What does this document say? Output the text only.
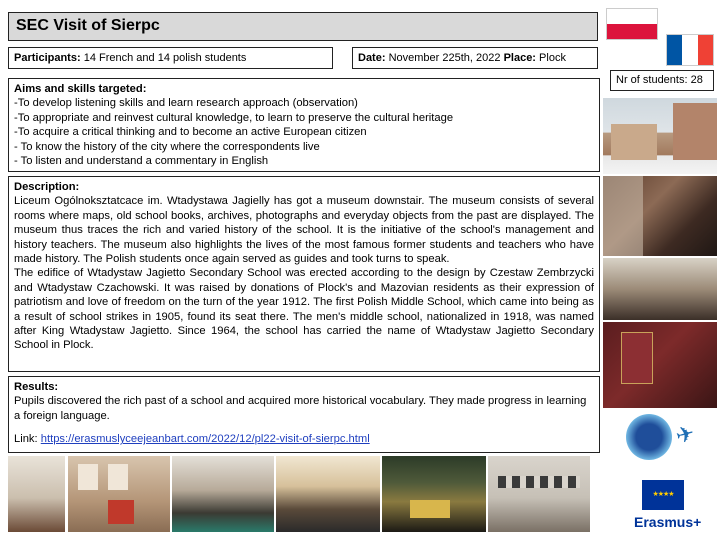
SEC Visit of Sierpc
Participants: 14 French and 14 polish students	Date: November 225th, 2022 Place: Plock
Nr of students: 28
Aims and skills targeted:
-To develop listening skills and learn research approach (observation)
-To appropriate and reinvest cultural knowledge, to learn to preserve the cultural heritage
-To acquire a critical thinking and to become an active European citizen
- To know the history of the city where the correspondents live
- To listen and understand a commentary in English
Description:
Liceum Ogólnoksztatcace im. Wtadystawa Jagielly has got a museum downstair. The museum consists of several rooms where maps, old school books, archives, photographs and everyday objects from the past are displayed. The museum thus traces the rich and varied history of the school. It is the initiative of the school's management and history teachers. The museum also highlights the lives of the most famous former students and teachers who have made history. The Polish students once again served as guides and took turns to speak.
The edifice of Wtadystaw Jagietto Secondary School was erected according to the design by Czestaw Zembrzycki and Wtadystaw Czachowski. It was raised by donations of Plock's and Mazovian residents as their expression of patriotism and love of freedom on the turn of the year 1912. The first Polish Middle School, which came into being as a result of school strikes in 1905, found its seat there. The men's middle school, nationalized in 1918, was named after King Wtadystaw Jagietto. Since 1964, the school has carried the name of Wtadystaw Jagietto Secondary School in Plock.
Results:
Pupils discovered the rich past of a school and acquired more historical vocabulary. They made progress in learning a foreign language.
Link: https://erasmuslyceejeanbart.com/2022/12/pl22-visit-of-sierpc.html	✈
★★★★
Erasmus+
